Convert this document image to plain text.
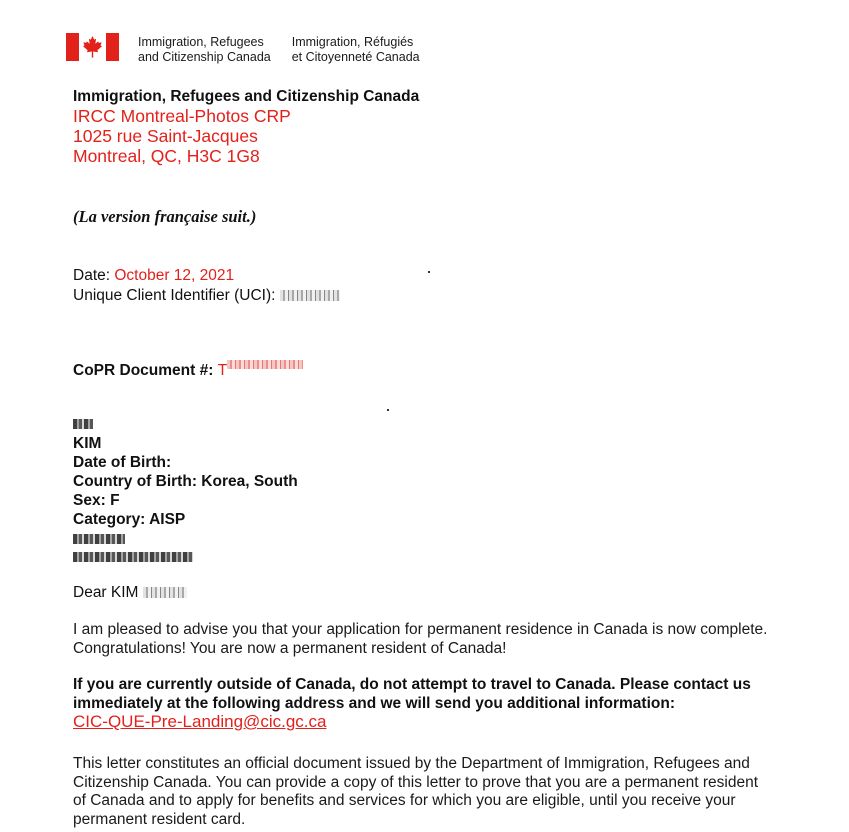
Immigration, Refugees
and Citizenship Canada
Immigration, Réfugiés
et Citoyenneté Canada
Immigration, Refugees and Citizenship Canada
IRCC Montreal-Photos CRP
1025 rue Saint-Jacques
Montreal, QC, H3C 1G8
(La version française suit.)
Date: October 12, 2021
Unique Client Identifier (UCI):
CoPR Document #: T
KIM
Date of Birth:
Country of Birth: Korea, South
Sex: F
Category: AISP
Dear KIM
I am pleased to advise you that your application for permanent residence in Canada is now complete. Congratulations! You are now a permanent resident of Canada!
If you are currently outside of Canada, do not attempt to travel to Canada. Please contact us immediately at the following address and we will send you additional information:
CIC-QUE-Pre-Landing@cic.gc.ca
This letter constitutes an official document issued by the Department of Immigration, Refugees and Citizenship Canada. You can provide a copy of this letter to prove that you are a permanent resident of Canada and to apply for benefits and services for which you are eligible, until you receive your permanent resident card.
